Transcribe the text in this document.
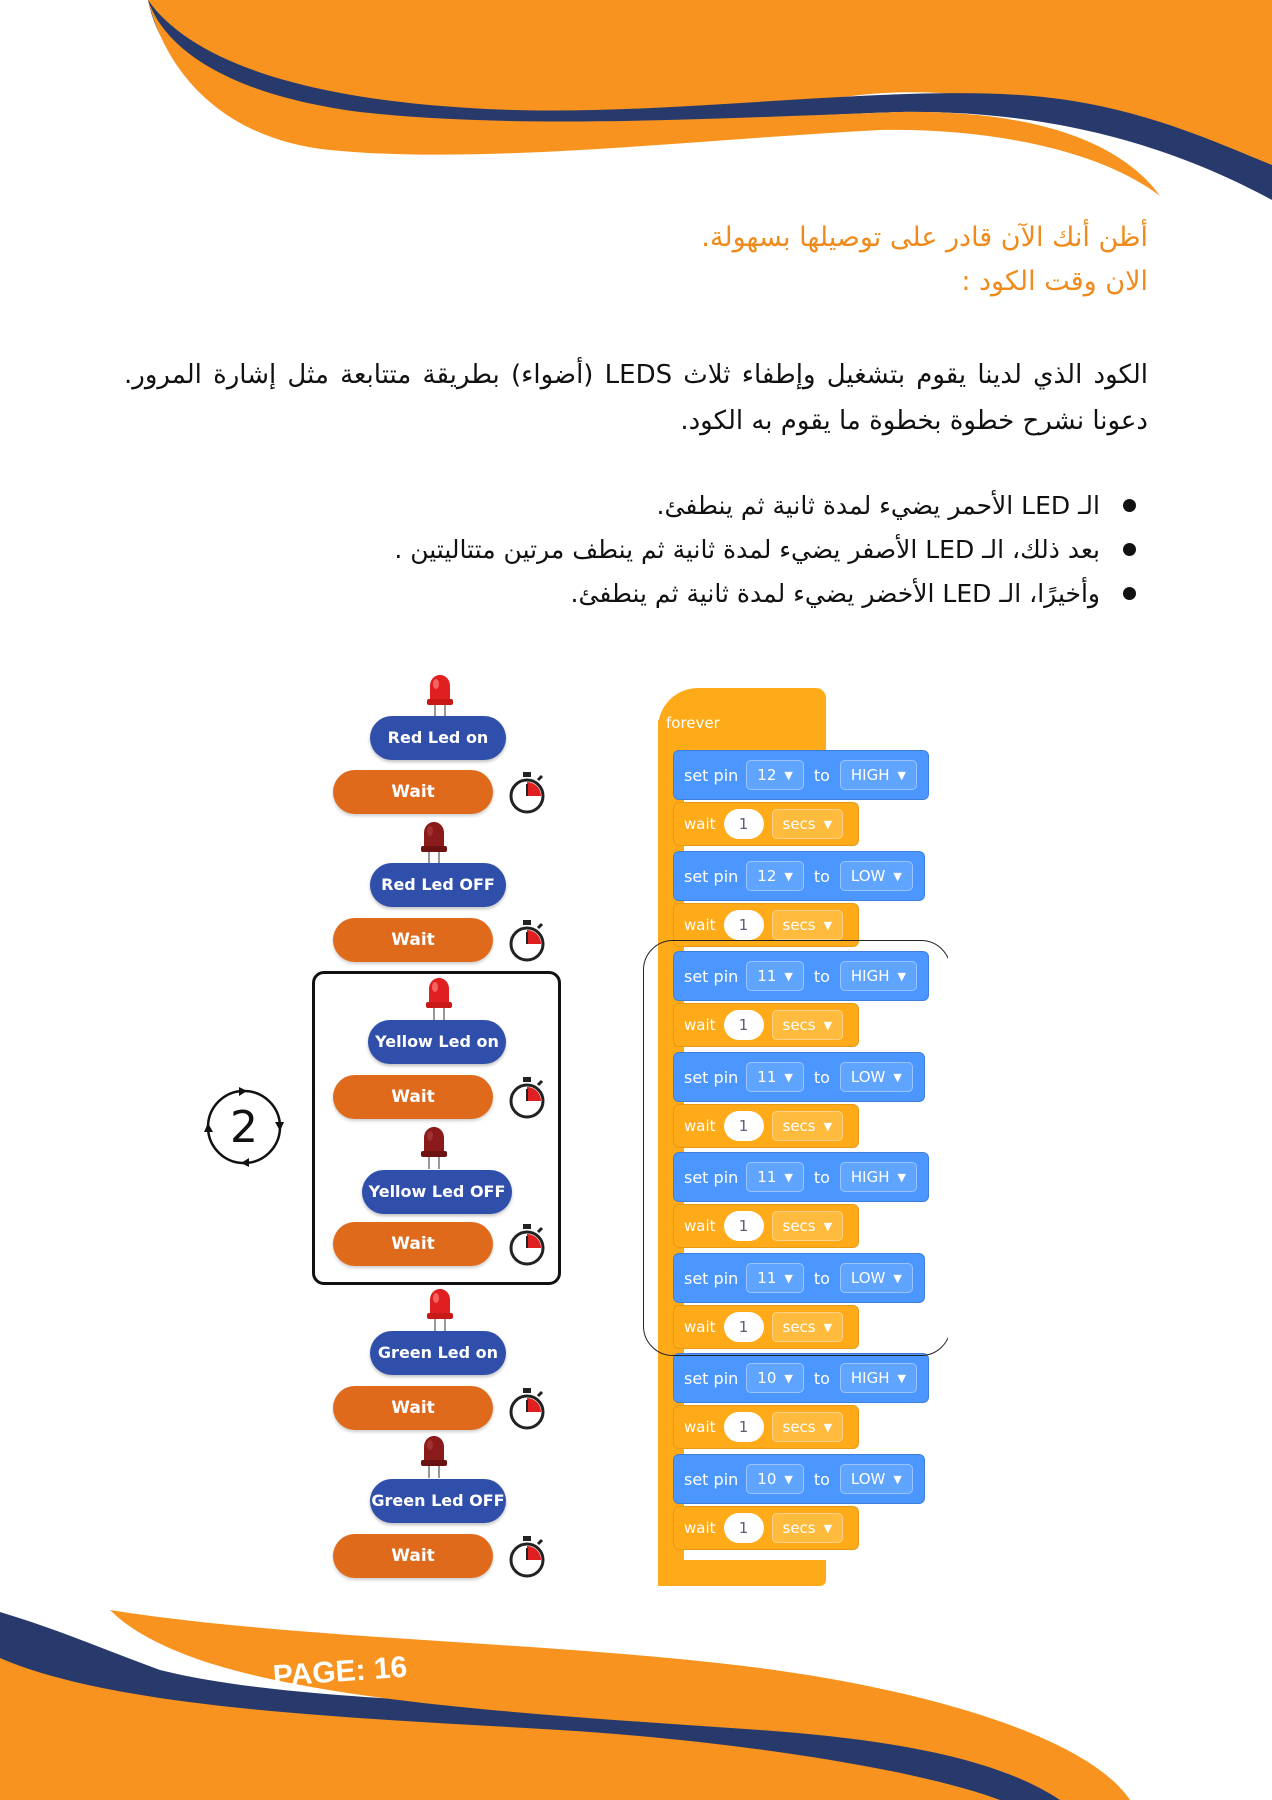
أظن أنك الآن قادر على توصيلها بسهولة.
الان وقت الكود :
الكود الذي لدينا يقوم بتشغيل وإطفاء ثلاث LEDS (أضواء) بطريقة متتابعة مثل إشارة المرور. دعونا نشرح خطوة بخطوة ما يقوم به الكود.
الـ LED الأحمر يضيء لمدة ثانية ثم ينطفئ.
بعد ذلك، الـ LED الأصفر يضيء لمدة ثانية ثم ينطف مرتين متتاليتين .
وأخيرًا، الـ LED الأخضر يضيء لمدة ثانية ثم ينطفئ.
Red Led on
Wait
Red Led OFF
Wait
Yellow Led on
Wait
Yellow Led OFF
Wait
2
Green Led on
Wait
Green Led OFF
Wait
forever
set pin 12 ▼ to HIGH ▼
wait	1	secs ▼
set pin 12 ▼ to LOW ▼
wait	1	secs ▼
set pin 11 ▼ to HIGH ▼
wait	1	secs ▼
set pin 11 ▼ to LOW ▼
wait	1	secs ▼
set pin 11 ▼ to HIGH ▼
wait	1	secs ▼
set pin 11 ▼ to LOW ▼
wait	1	secs ▼
set pin 10 ▼ to HIGH ▼
wait	1	secs ▼
set pin 10 ▼ to LOW ▼
wait	1	secs ▼
PAGE: 16
